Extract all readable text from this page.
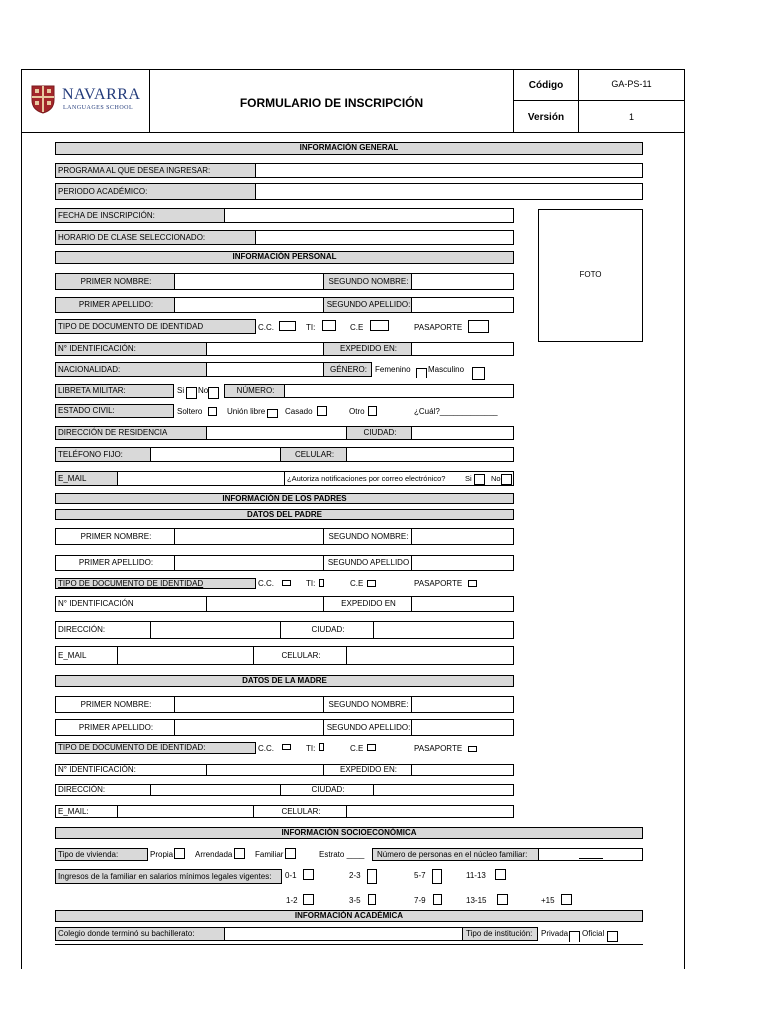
NAVARRA
LANGUAGES SCHOOL	FORMULARIO DE INSCRIPCIÓN
Código	GA-PS-11
Versión	1
INFORMACIÓN GENERAL
PROGRAMA AL QUE DESEA INGRESAR:
PERIODO ACADÉMICO:
FECHA DE INSCRIPCIÓN:
HORARIO DE CLASE SELECCIONADO:
FOTO
INFORMACIÓN PERSONAL
PRIMER NOMBRE:	SEGUNDO NOMBRE:
PRIMER APELLIDO:	SEGUNDO APELLIDO:
TIPO DE DOCUMENTO DE IDENTIDAD	C.C.	TI:	C.E	PASAPORTE
N° IDENTIFICACIÓN:	EXPEDIDO EN:
NACIONALIDAD:	GÉNERO:	Femenino Masculino
LIBRETA MILITAR:	Si No	NÚMERO:
ESTADO CIVIL:	Soltero	Unión libre Casado	Otro	¿Cuál?_____________
DIRECCIÓN DE RESIDENCIA	CIUDAD:
TELÉFONO FIJO:	CELULAR:
E_MAIL	¿Autoriza notificaciones por correo electrónico?	Si	No
INFORMACIÓN DE LOS PADRES
DATOS DEL PADRE
PRIMER NOMBRE:	SEGUNDO NOMBRE:
PRIMER APELLIDO:	SEGUNDO APELLIDO
TIPO DE DOCUMENTO DE IDENTIDAD	C.C.	TI:	C.E	PASAPORTE
N° IDENTIFICACIÓN	EXPEDIDO EN
DIRECCIÓN:	CIUDAD:
E_MAIL	CELULAR:
DATOS DE LA MADRE
PRIMER NOMBRE:	SEGUNDO NOMBRE:
PRIMER APELLIDO:	SEGUNDO APELLIDO:
TIPO DE DOCUMENTO DE IDENTIDAD:	C.C.	TI:	C.E	PASAPORTE
N° IDENTIFICACIÓN:	EXPEDIDO EN:
DIRECCIÓN:	CIUDAD:
E_MAIL:	CELULAR:
INFORMACIÓN SOCIOECONÓMICA
Tipo de vivienda:	Propia	Arrendada	Familiar	Estrato ____	Número de personas en el núcleo familiar:
Ingresos de la familiar en salarios mínimos legales vigentes:	0-1	2-3	5-7	11-13
1-2	3-5	7-9	13-15	+15
INFORMACIÓN ACADÉMICA
Colegio donde terminó su bachillerato:	Tipo de institución:	Privada Oficial
